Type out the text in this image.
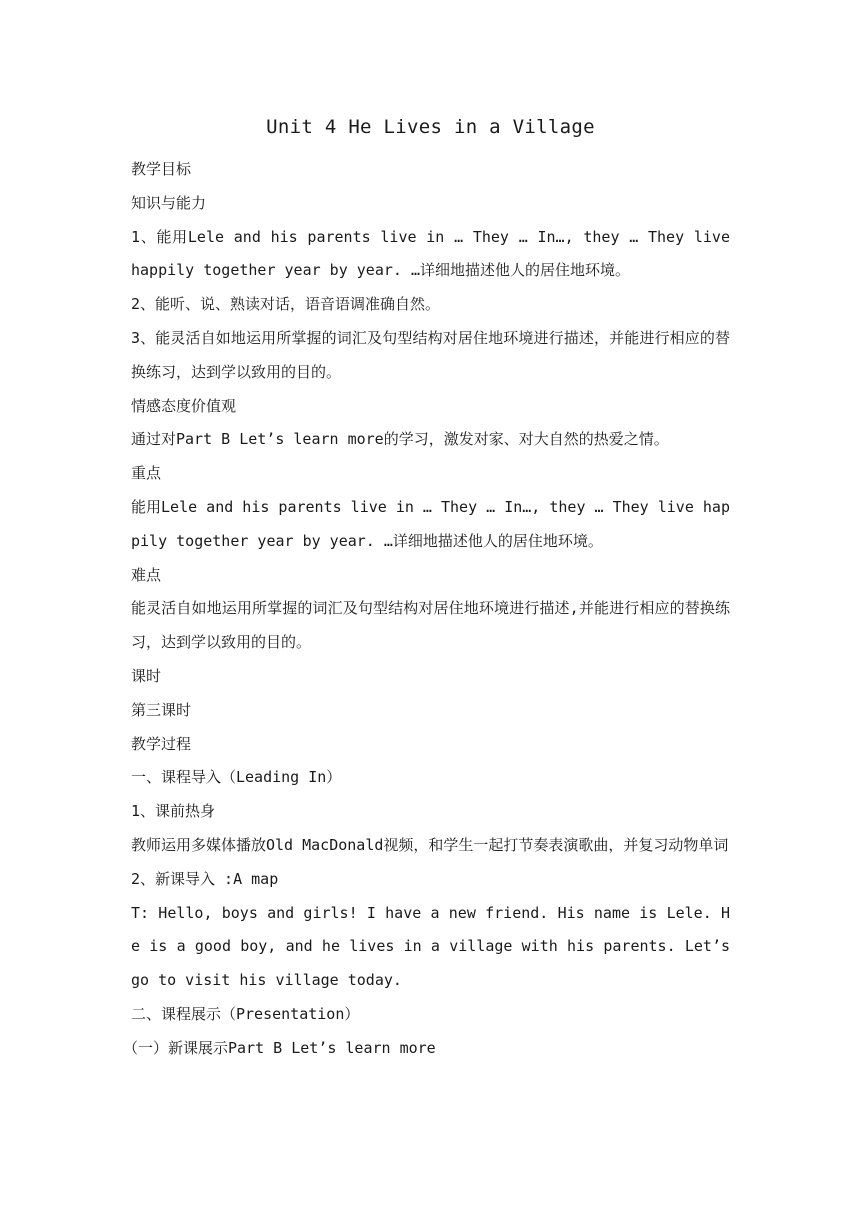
Unit 4 He Lives in a Village

教学目标

知识与能力

1、能用Lele and his parents live in … They … In…, they … They live happily together year by year. …详细地描述他人的居住地环境。

2、能听、说、熟读对话，语音语调准确自然。

3、能灵活自如地运用所掌握的词汇及句型结构对居住地环境进行描述，并能进行相应的替换练习，达到学以致用的目的。

情感态度价值观

通过对Part B Let’s learn more的学习，激发对家、对大自然的热爱之情。

重点

能用Lele and his parents live in … They … In…, they … They live happily together year by year. …详细地描述他人的居住地环境。

难点

能灵活自如地运用所掌握的词汇及句型结构对居住地环境进行描述,并能进行相应的替换练习，达到学以致用的目的。

课时

第三课时

教学过程

一、课程导入（Leading In）

1、课前热身

教师运用多媒体播放Old MacDonald视频，和学生一起打节奏表演歌曲，并复习动物单词

2、新课导入 :A map

T: Hello, boys and girls! I have a new friend. His name is Lele. He is a good boy, and he lives in a village with his parents. Let’s go to visit his village today.

二、课程展示（Presentation）

（一）新课展示Part B Let’s learn more
